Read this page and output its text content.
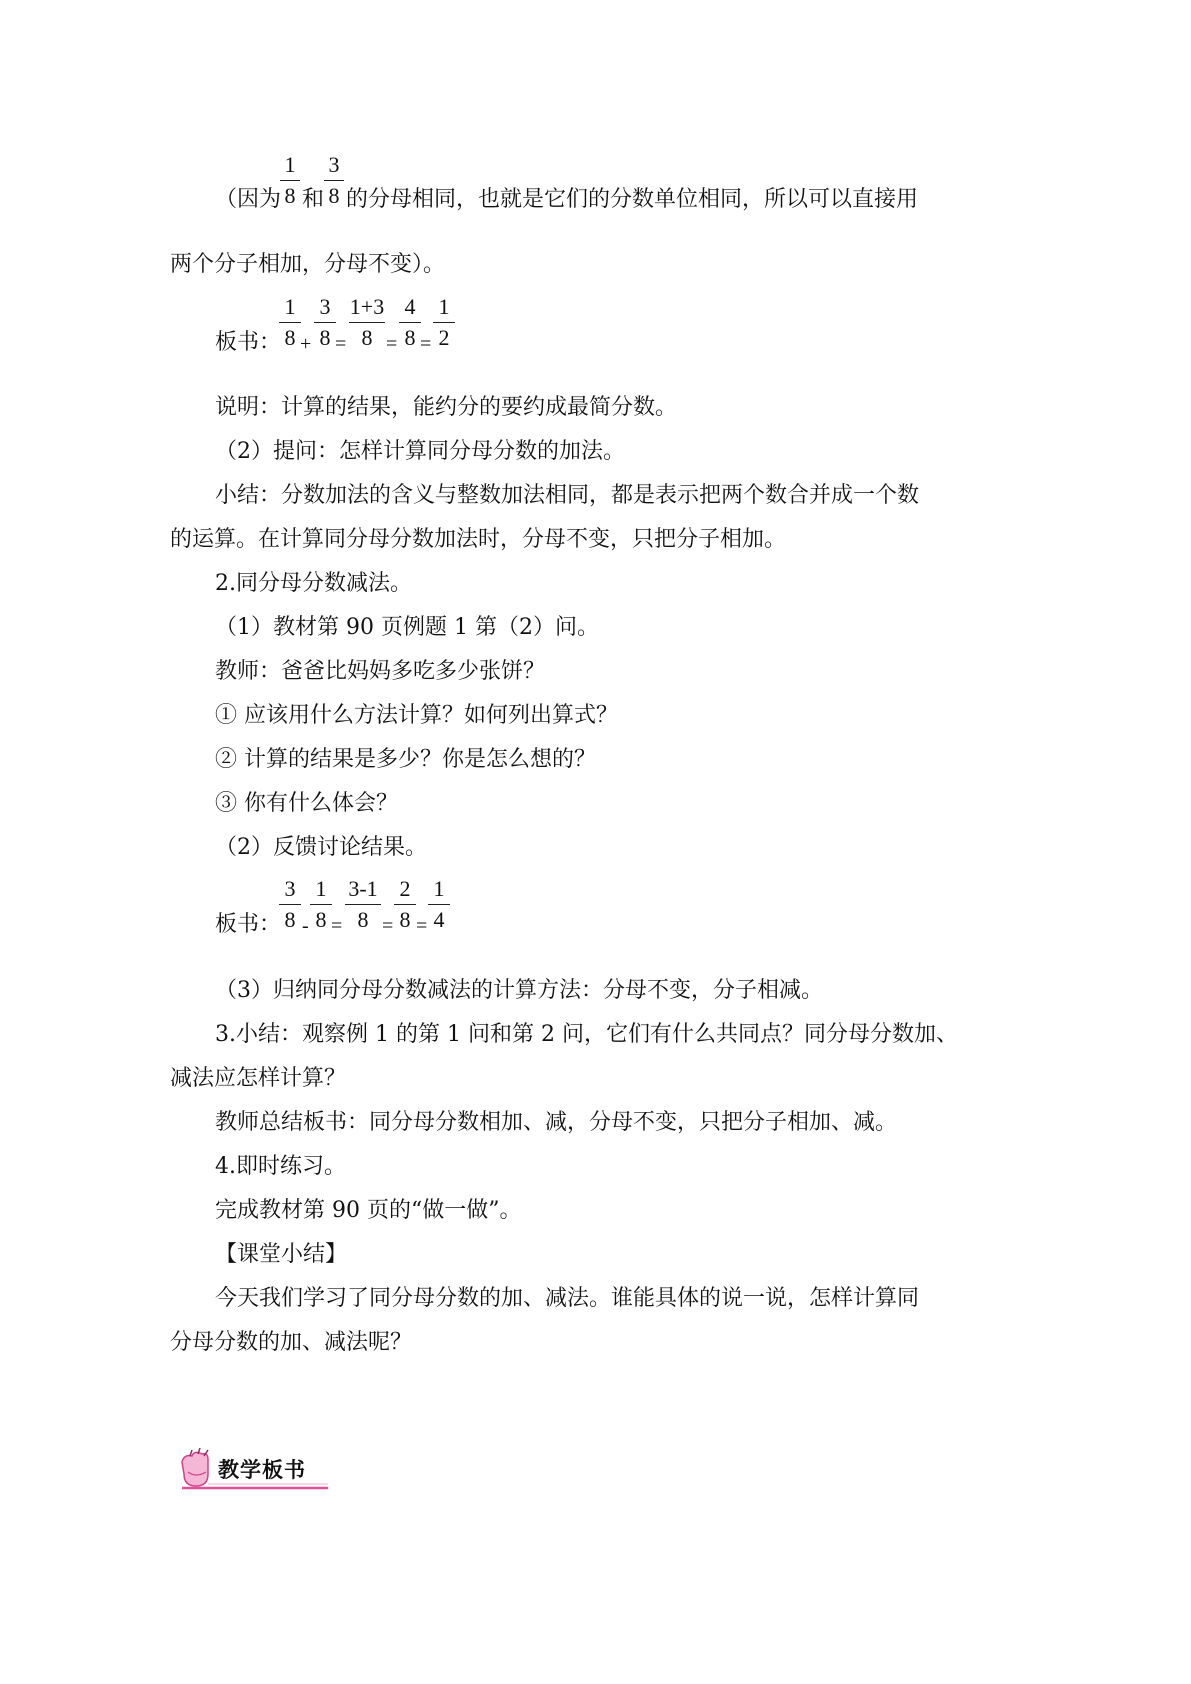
（因为
1
8 和
3
8 的分母相同，也就是它们的分数单位相同，所以可以直接用
两个分子相加，分母不变）。
板书：
1
8 +
3
8 =
1+3
8 =
4
8 =
1
2
说明：计算的结果，能约分的要约成最简分数。
（2）提问：怎样计算同分母分数的加法。
小结：分数加法的含义与整数加法相同，都是表示把两个数合并成一个数
的运算。在计算同分母分数加法时，分母不变，只把分子相加。
2.同分母分数减法。
（1）教材第 90 页例题 1 第（2）问。
教师：爸爸比妈妈多吃多少张饼？
① 应该用什么方法计算？如何列出算式？
② 计算的结果是多少？你是怎么想的？
③ 你有什么体会？
（2）反馈讨论结果。
板书：
3
8 -
1
8 =
3-1
8 =
2
8 =
1
4
（3）归纳同分母分数减法的计算方法：分母不变，分子相减。
3.小结：观察例 1 的第 1 问和第 2 问，它们有什么共同点？同分母分数加、
减法应怎样计算？
教师总结板书：同分母分数相加、减，分母不变，只把分子相加、减。
4.即时练习。
完成教材第 90 页的“做一做”。
【课堂小结】
今天我们学习了同分母分数的加、减法。谁能具体的说一说，怎样计算同
分母分数的加、减法呢？
教学板书
